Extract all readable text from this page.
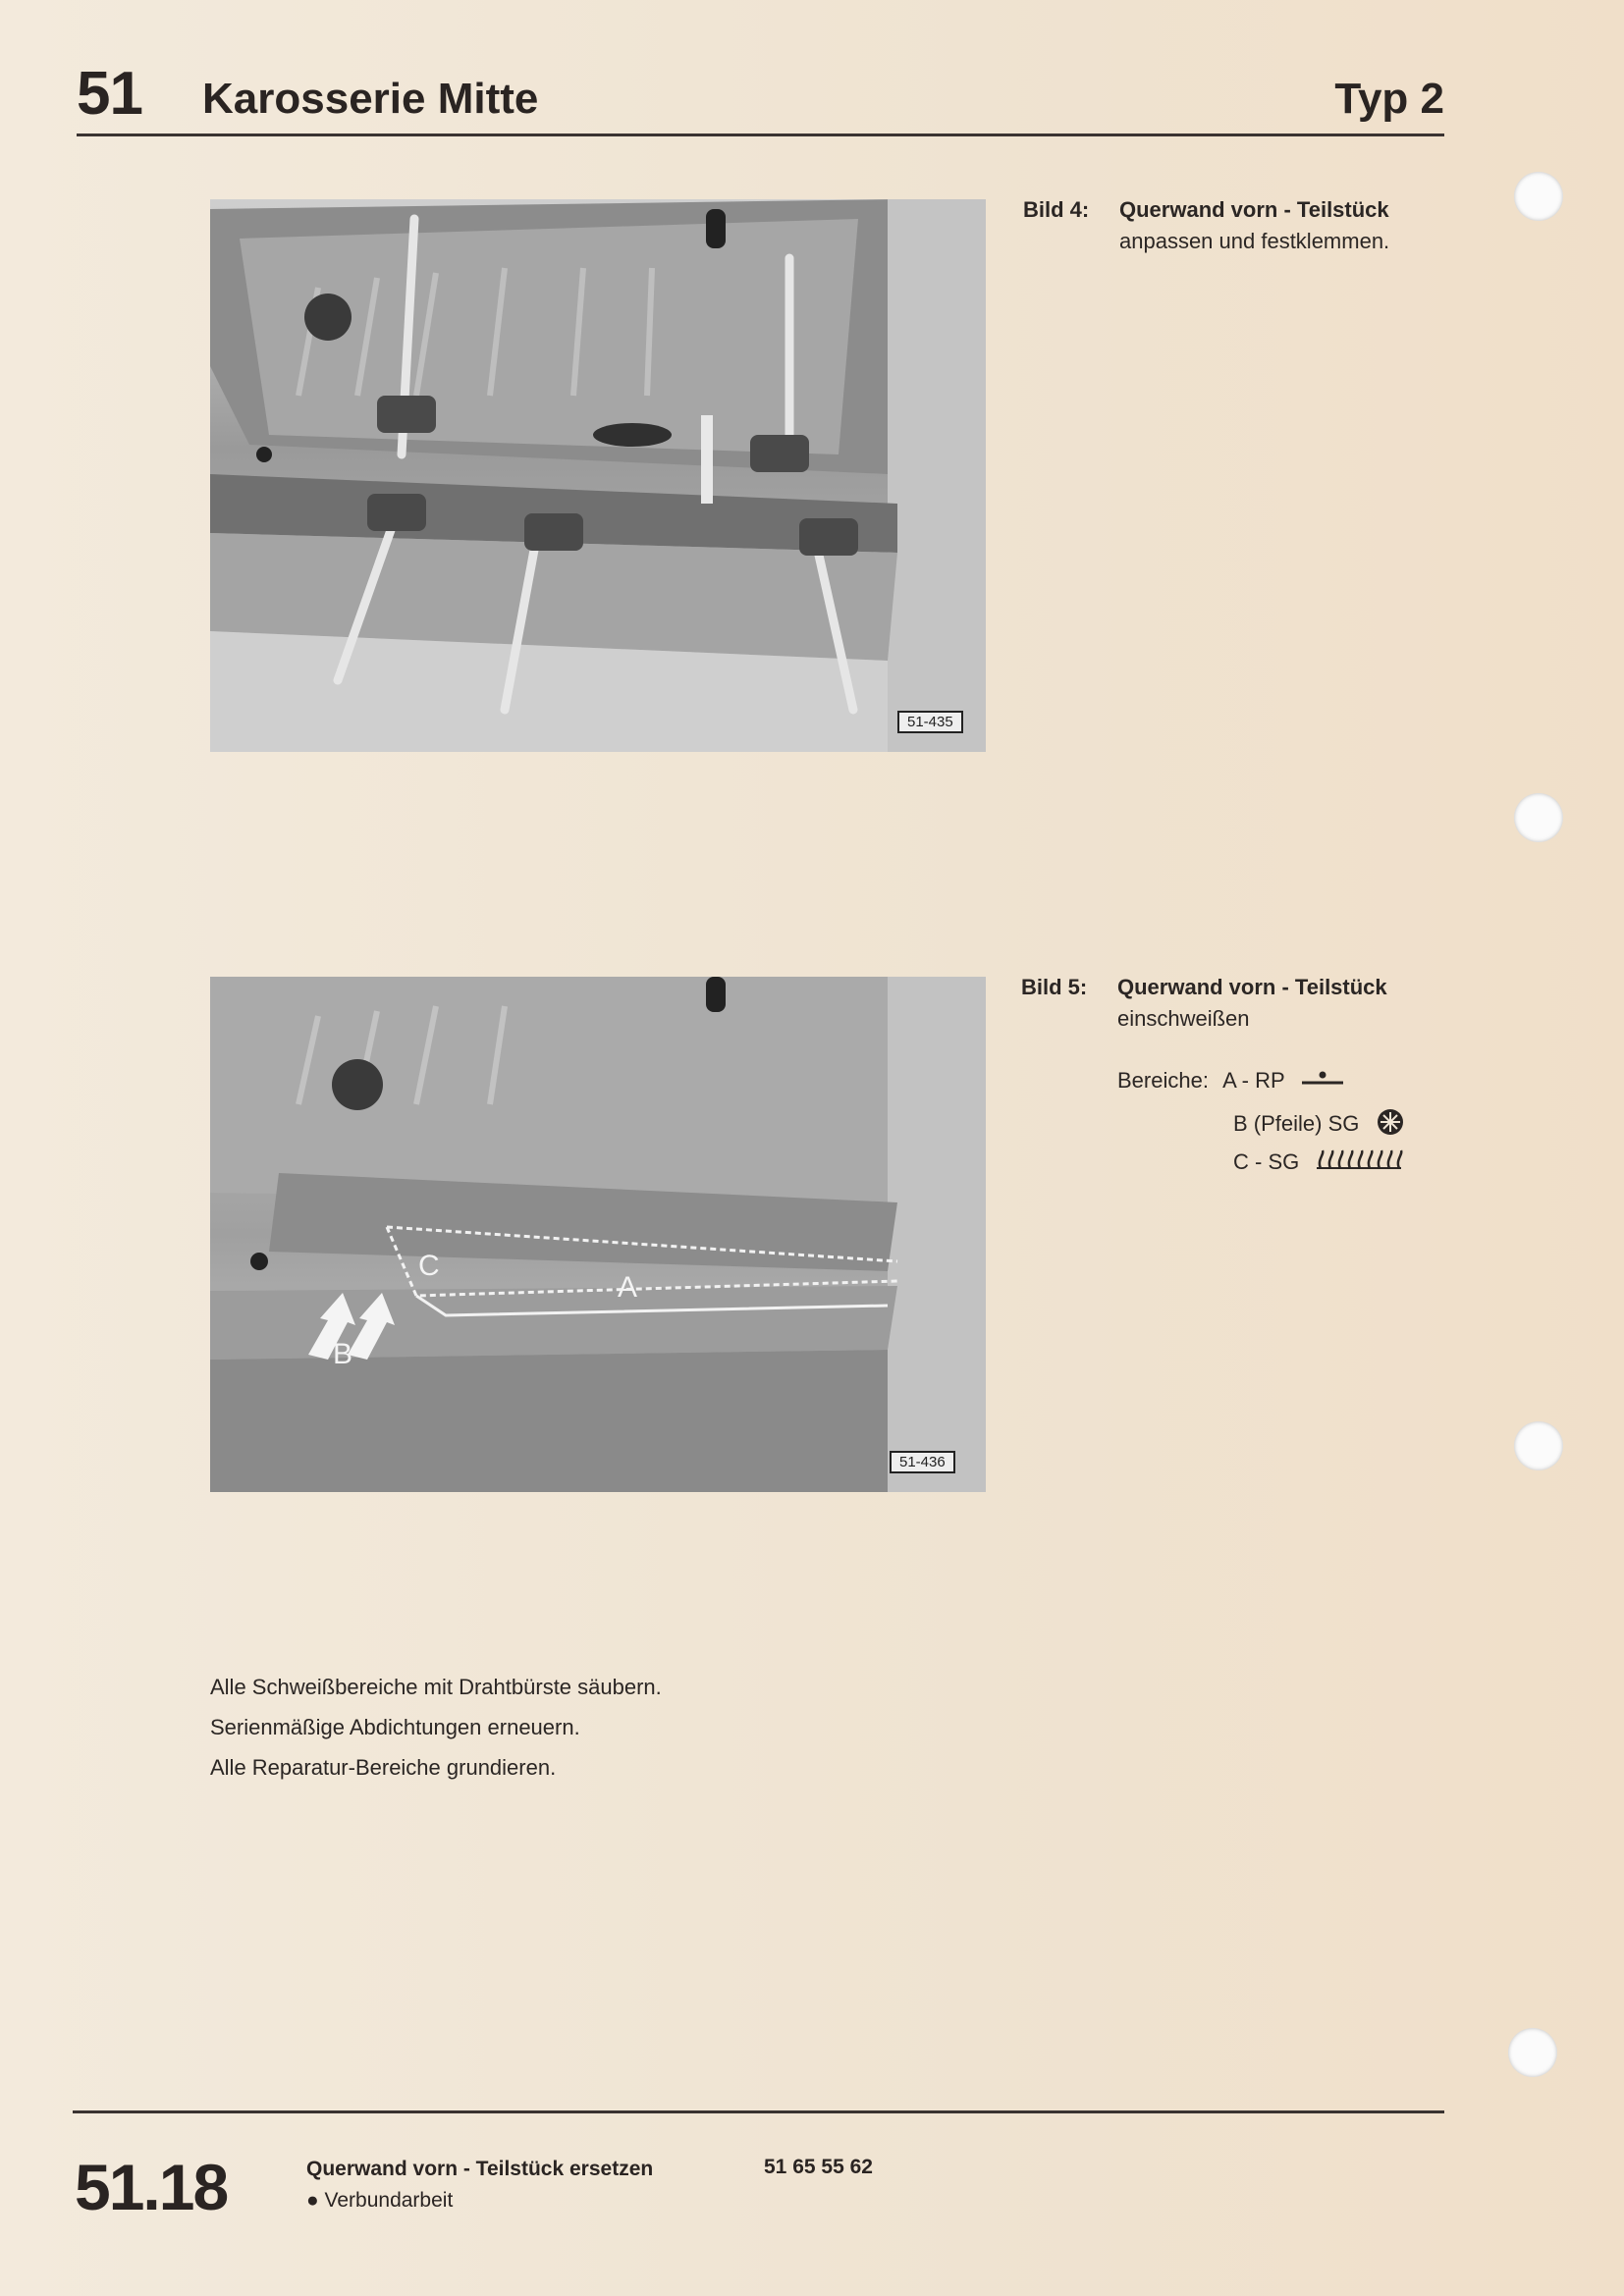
51 Karosserie Mitte	Typ 2
51-435
Bild 4: Querwand vorn - Teilstück
anpassen und festklemmen.
C
A
B
51-436
Bild 5: Querwand vorn - Teilstück
einschweißen
Bereiche: A - RP
B (Pfeile) SG
C - SG
Alle Schweißbereiche mit Drahtbürste säubern.
Serienmäßige Abdichtungen erneuern.
Alle Reparatur-Bereiche grundieren.
51.18	Querwand vorn - Teilstück ersetzen
● Verbundarbeit
51 65 55 62
